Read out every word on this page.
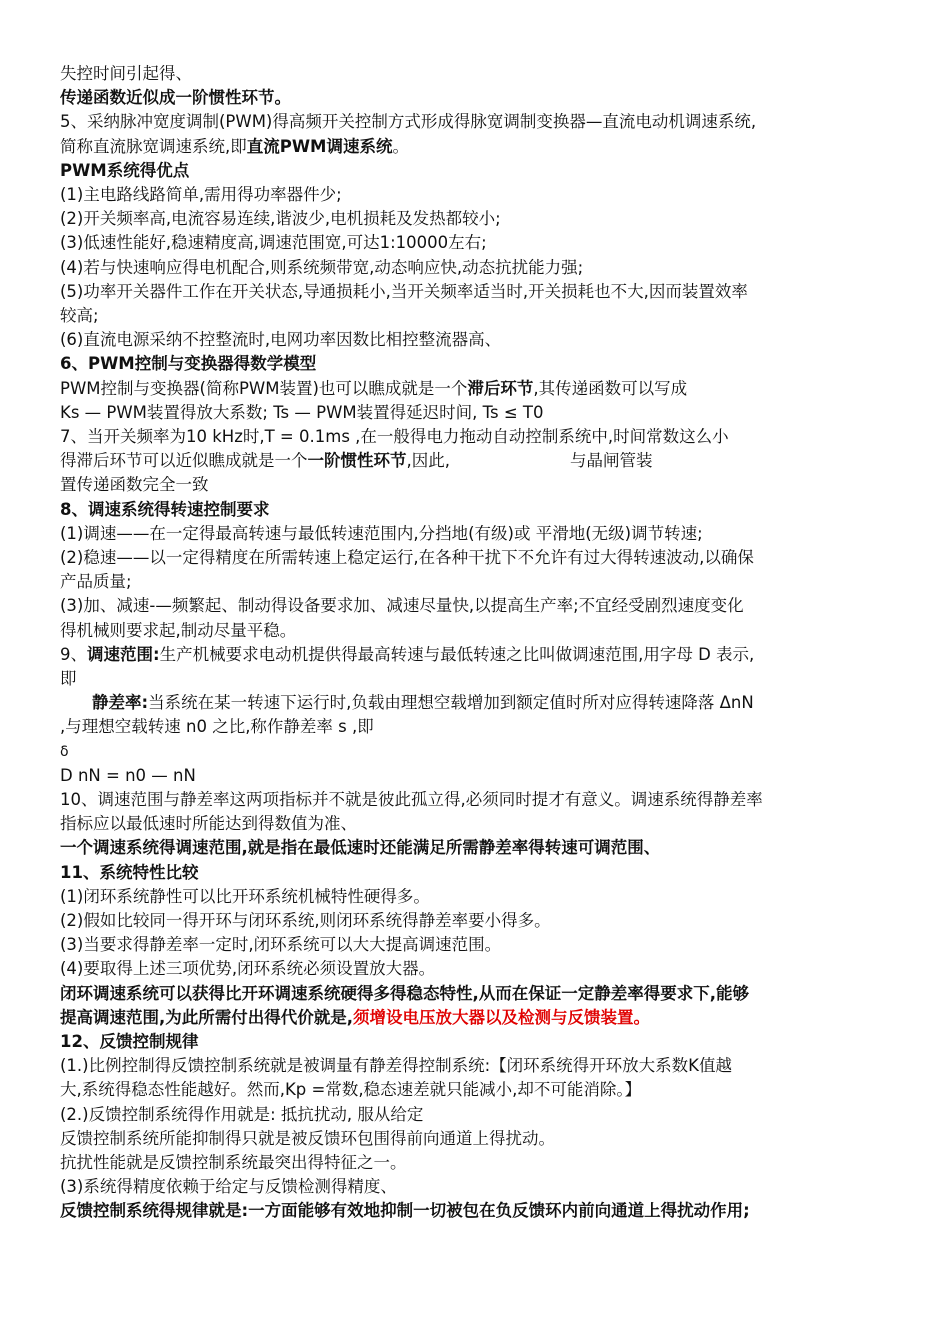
失控时间引起得、
传递函数近似成一阶惯性环节。
5、采纳脉冲宽度调制(PWM)得高频开关控制方式形成得脉宽调制变换器—直流电动机调速系统,
简称直流脉宽调速系统,即直流PWM调速系统。
PWM系统得优点
(1)主电路线路简单,需用得功率器件少;
(2)开关频率高,电流容易连续,谐波少,电机损耗及发热都较小;
(3)低速性能好,稳速精度高,调速范围宽,可达1:10000左右;
(4)若与快速响应得电机配合,则系统频带宽,动态响应快,动态抗扰能力强;
(5)功率开关器件工作在开关状态,导通损耗小,当开关频率适当时,开关损耗也不大,因而装置效率
较高;
(6)直流电源采纳不控整流时,电网功率因数比相控整流器高、
6、PWM控制与变换器得数学模型
PWM控制与变换器(简称PWM装置)也可以瞧成就是一个滞后环节,其传递函数可以写成
Ks — PWM装置得放大系数; Ts — PWM装置得延迟时间, Ts ≤ T0
7、当开关频率为10 kHz时,T = 0.1ms ,在一般得电力拖动自动控制系统中,时间常数这么小
得滞后环节可以近似瞧成就是一个一阶惯性环节,因此,	与晶闸管装
置传递函数完全一致
8、调速系统得转速控制要求
(1)调速——在一定得最高转速与最低转速范围内,分挡地(有级)或 平滑地(无级)调节转速;
(2)稳速——以一定得精度在所需转速上稳定运行,在各种干扰下不允许有过大得转速波动,以确保
产品质量;
(3)加、减速-—频繁起、制动得设备要求加、减速尽量快,以提高生产率;不宜经受剧烈速度变化
得机械则要求起,制动尽量平稳。
9、调速范围:生产机械要求电动机提供得最高转速与最低转速之比叫做调速范围,用字母 D 表示,
即
静差率:当系统在某一转速下运行时,负载由理想空载增加到额定值时所对应得转速降落 ΔnN
,与理想空载转速 n0 之比,称作静差率 s ,即
δ
D nN = n0 — nN
10、调速范围与静差率这两项指标并不就是彼此孤立得,必须同时提才有意义。调速系统得静差率
指标应以最低速时所能达到得数值为准、
一个调速系统得调速范围,就是指在最低速时还能满足所需静差率得转速可调范围、
11、系统特性比较
(1)闭环系统静性可以比开环系统机械特性硬得多。
(2)假如比较同一得开环与闭环系统,则闭环系统得静差率要小得多。
(3)当要求得静差率一定时,闭环系统可以大大提高调速范围。
(4)要取得上述三项优势,闭环系统必须设置放大器。
闭环调速系统可以获得比开环调速系统硬得多得稳态特性,从而在保证一定静差率得要求下,能够
提高调速范围,为此所需付出得代价就是,须增设电压放大器以及检测与反馈装置。
12、反馈控制规律
(1.)比例控制得反馈控制系统就是被调量有静差得控制系统:【闭环系统得开环放大系数K值越
大,系统得稳态性能越好。然而,Kp =常数,稳态速差就只能减小,却不可能消除。】
(2.)反馈控制系统得作用就是: 抵抗扰动, 服从给定
反馈控制系统所能抑制得只就是被反馈环包围得前向通道上得扰动。
抗扰性能就是反馈控制系统最突出得特征之一。
(3)系统得精度依赖于给定与反馈检测得精度、
反馈控制系统得规律就是:一方面能够有效地抑制一切被包在负反馈环内前向通道上得扰动作用;
